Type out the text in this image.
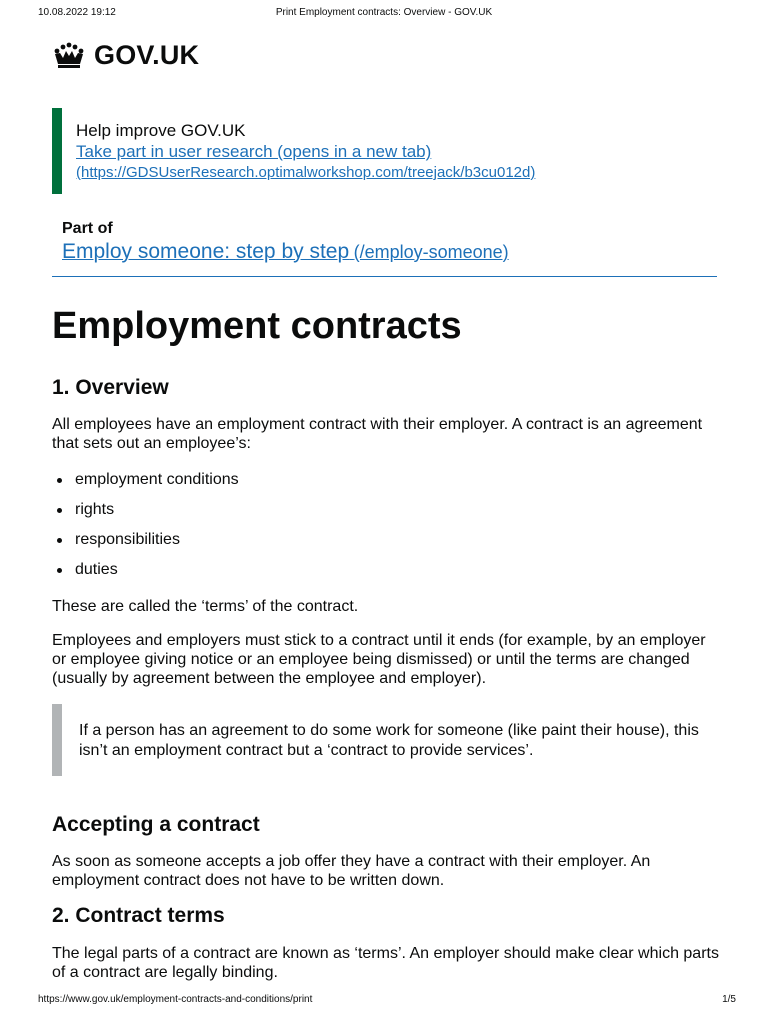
10.08.2022 19:12	Print Employment contracts: Overview - GOV.UK
GOV.UK
Help improve GOV.UK
Take part in user research (opens in a new tab)
(https://GDSUserResearch.optimalworkshop.com/treejack/b3cu012d)
Part of
Employ someone: step by step (/employ-someone)
Employment contracts
1. Overview

All employees have an employment contract with their employer. A contract is an agreement that sets out an employee’s:

employment conditions
rights
responsibilities
duties

These are called the ‘terms’ of the contract.

Employees and employers must stick to a contract until it ends (for example, by an employer or employee giving notice or an employee being dismissed) or until the terms are changed (usually by agreement between the employee and employer).

If a person has an agreement to do some work for someone (like paint their house), this isn’t an employment contract but a ‘contract to provide services’.
Accepting a contract

As soon as someone accepts a job offer they have a contract with their employer. An employment contract does not have to be written down.

2. Contract terms

The legal parts of a contract are known as ‘terms’. An employer should make clear which parts of a contract are legally binding.

https://www.gov.uk/employment-contracts-and-conditions/print	1/5
